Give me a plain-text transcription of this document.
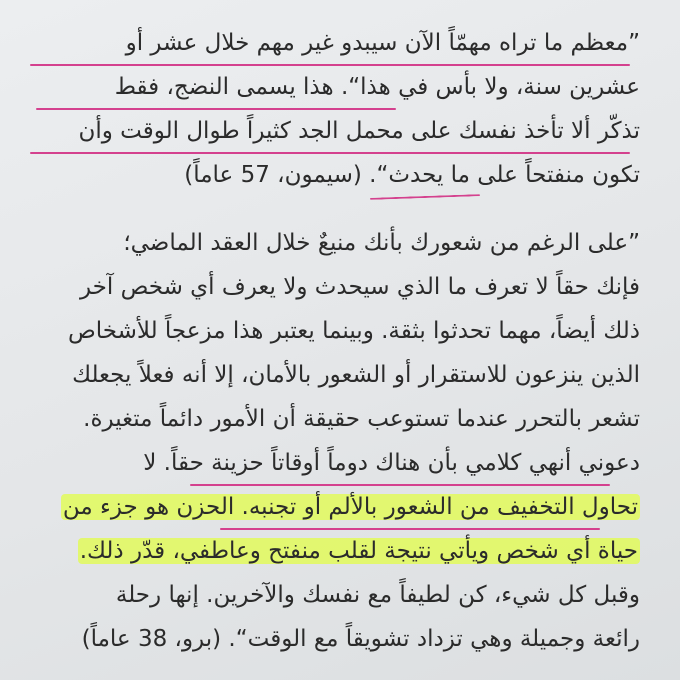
”معظم ما تراه مهمّاً الآن سيبدو غير مهم خلال عشر أو
عشرين سنة، ولا بأس في هذا“. هذا يسمى النضج، فقط
تذكّر ألا تأخذ نفسك على محمل الجد كثيراً طوال الوقت وأن
تكون منفتحاً على ما يحدث“. (سيمون، 57 عاماً)
”على الرغم من شعورك بأنك منيعٌ خلال العقد الماضي؛
فإنك حقاً لا تعرف ما الذي سيحدث ولا يعرف أي شخص آخر
ذلك أيضاً، مهما تحدثوا بثقة. وبينما يعتبر هذا مزعجاً للأشخاص
الذين ينزعون للاستقرار أو الشعور بالأمان، إلا أنه فعلاً يجعلك
تشعر بالتحرر عندما تستوعب حقيقة أن الأمور دائماً متغيرة.
دعوني أنهي كلامي بأن هناك دوماً أوقاتاً حزينة حقاً. لا
تحاول التخفيف من الشعور بالألم أو تجنبه. الحزن هو جزء من
حياة أي شخص ويأتي نتيجة لقلب منفتح وعاطفي، قدّر ذلك.
وقبل كل شيء، كن لطيفاً مع نفسك والآخرين. إنها رحلة
رائعة وجميلة وهي تزداد تشويقاً مع الوقت“. (برو، 38 عاماً)
